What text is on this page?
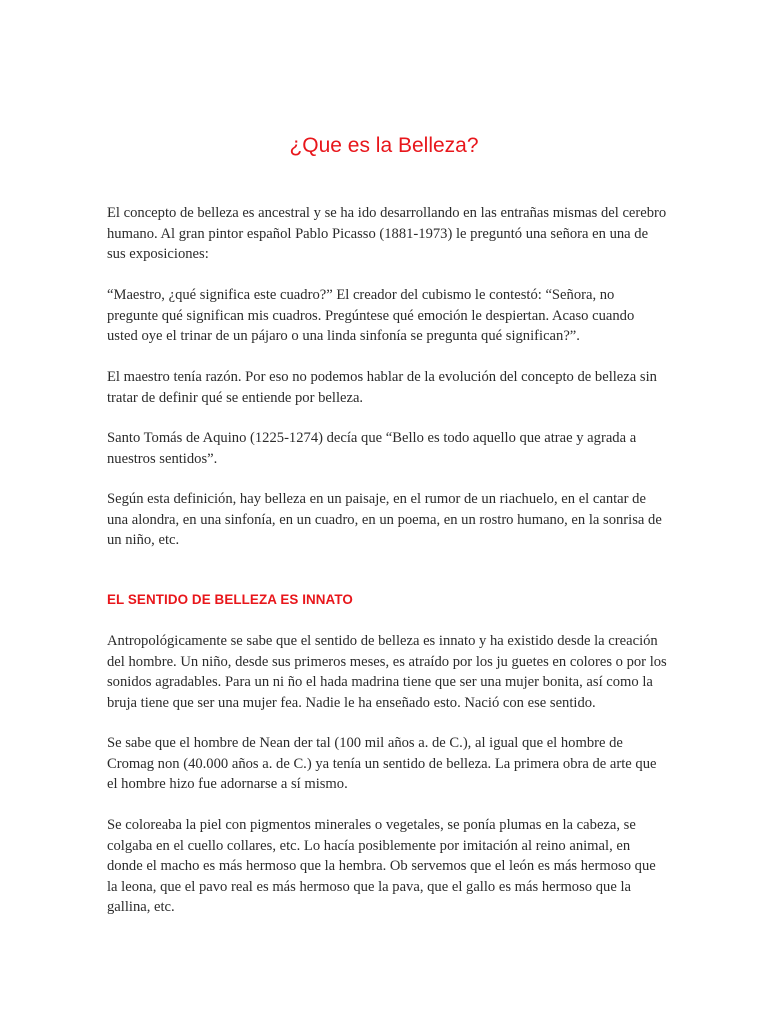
¿Que es la Belleza?

El concepto de belleza es ancestral y se ha ido desarrollando en las entrañas mismas del cerebro humano. Al gran pintor español Pablo Picasso (1881-1973) le preguntó una señora en una de sus exposiciones:

“Maestro, ¿qué significa este cuadro?” El creador del cubismo le contestó: “Señora, no pregunte qué significan mis cuadros. Pregúntese qué emoción le despiertan. Acaso cuando usted oye el trinar de un pájaro o una linda sinfonía se pregunta qué significan?”.

El maestro tenía razón. Por eso no podemos hablar de la evolución del concepto de belleza sin tratar de definir qué se entiende por belleza.

Santo Tomás de Aquino (1225-1274) decía que “Bello es todo aquello que atrae y agrada a nuestros sentidos”.

Según esta definición, hay belleza en un paisaje, en el rumor de un riachuelo, en el cantar de una alondra, en una sinfonía, en un cuadro, en un poema, en un rostro humano, en la sonrisa de un niño, etc.

EL SENTIDO DE BELLEZA ES INNATO

Antropológicamente se sabe que el sentido de belleza es innato y ha existido desde la creación del hombre. Un niño, desde sus primeros meses, es atraído por los ju guetes en colores o por los sonidos agradables. Para un ni ño el hada madrina tiene que ser una mujer bonita, así como la bruja tiene que ser una mujer fea. Nadie le ha enseñado esto. Nació con ese sentido.

Se sabe que el hombre de Nean der tal (100 mil años a. de C.), al igual que el hombre de Cromag non (40.000 años a. de C.) ya tenía un sentido de belleza. La primera obra de arte que el hombre hizo fue adornarse a sí mismo.

Se coloreaba la piel con pigmentos minerales o vegetales, se ponía plumas en la cabeza, se colgaba en el cuello collares, etc. Lo hacía posiblemente por imitación al reino animal, en donde el macho es más hermoso que la hembra. Ob servemos que el león es más hermoso que la leona, que el pavo real es más hermoso que la pava, que el gallo es más hermoso que la gallina, etc.
